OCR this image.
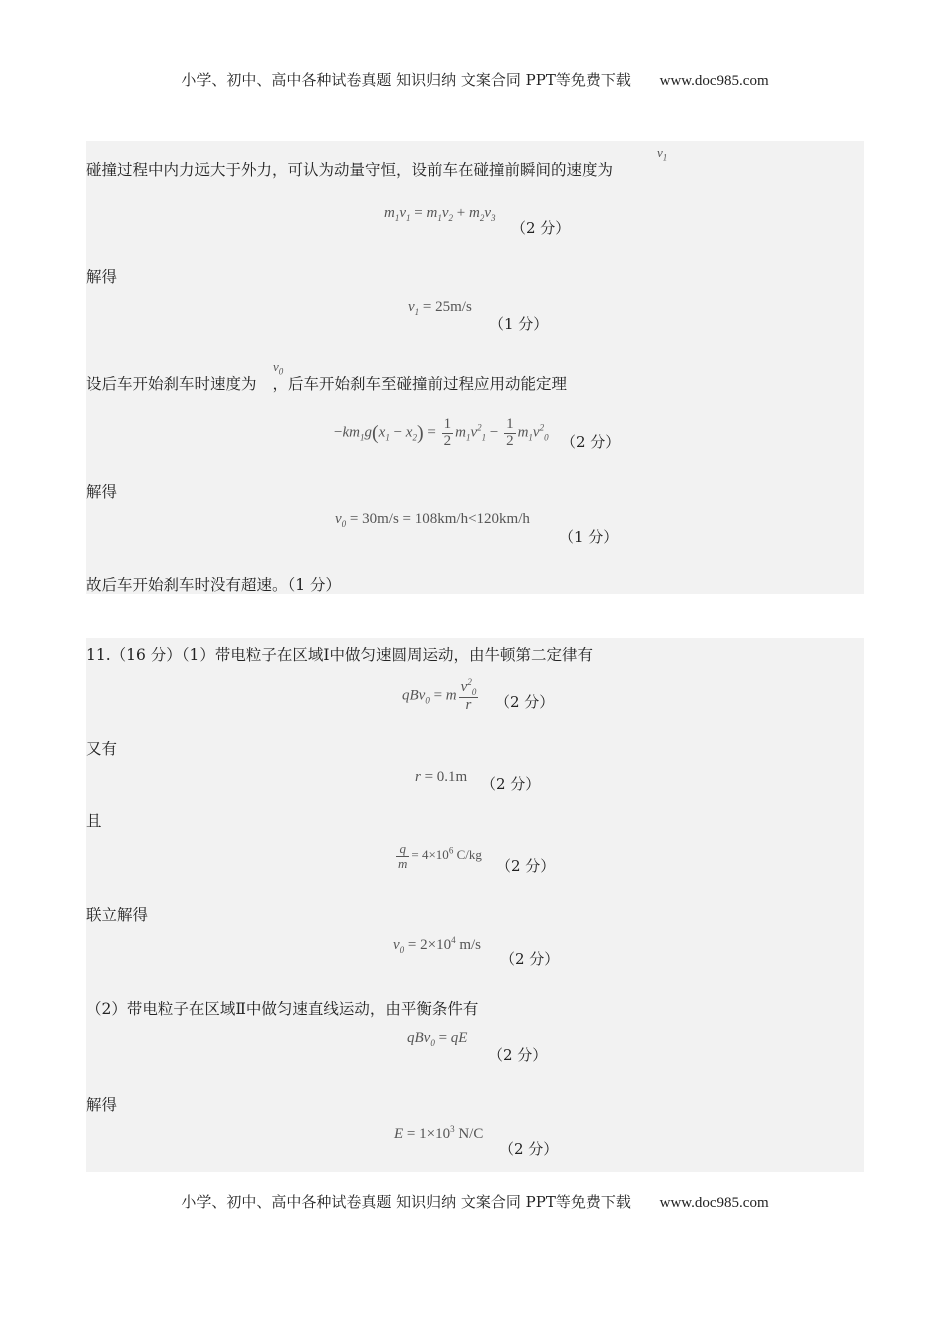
小学、初中、高中各种试卷真题 知识归纳 文案合同 PPT等免费下载 www.doc985.com
碰撞过程中内力远大于外力，可认为动量守恒，设前车在碰撞前瞬间的速度为
$v_1$
$m_1v_1 = m_1v_2 + m_2v_3$
（2 分）
解得
$v_1 = 25m/s$
（1 分）
设后车开始刹车时速度为 ，后车开始刹车至碰撞前过程应用动能定理
$v_0$
$-km_1g(x_1 - x_2) = \frac{1}{2} m_1v^2_1 - \frac{1}{2} m_1v^2_0$ （2 分）
解得
$v_0 = 30m/s = 108km/h<120km/h$
（1 分）
故后车开始刹车时没有超速。（1 分）
11.（16 分）（1）带电粒子在区域Ⅰ中做匀速圆周运动，由牛顿第二定律有
qBv$_0$ = m $\frac{v^2_0}{r} (2$ 分）
又有
r = 0.1m （2 分）
且
$\frac{q}{m} = 4\times 10^6$ C/kg
（2 分）
联立解得
$v_0 = 2\times 10^4$ m/s
（2 分）
（2）带电粒子在区域Ⅱ中做匀速直线运动，由平衡条件有
qBv$_0$ = qE
（2 分）
解得
$E = 1\times 10^3$ N/C
（2 分）
小学、初中、高中各种试卷真题 知识归纳 文案合同 PPT等免费下载 www.doc985.com
